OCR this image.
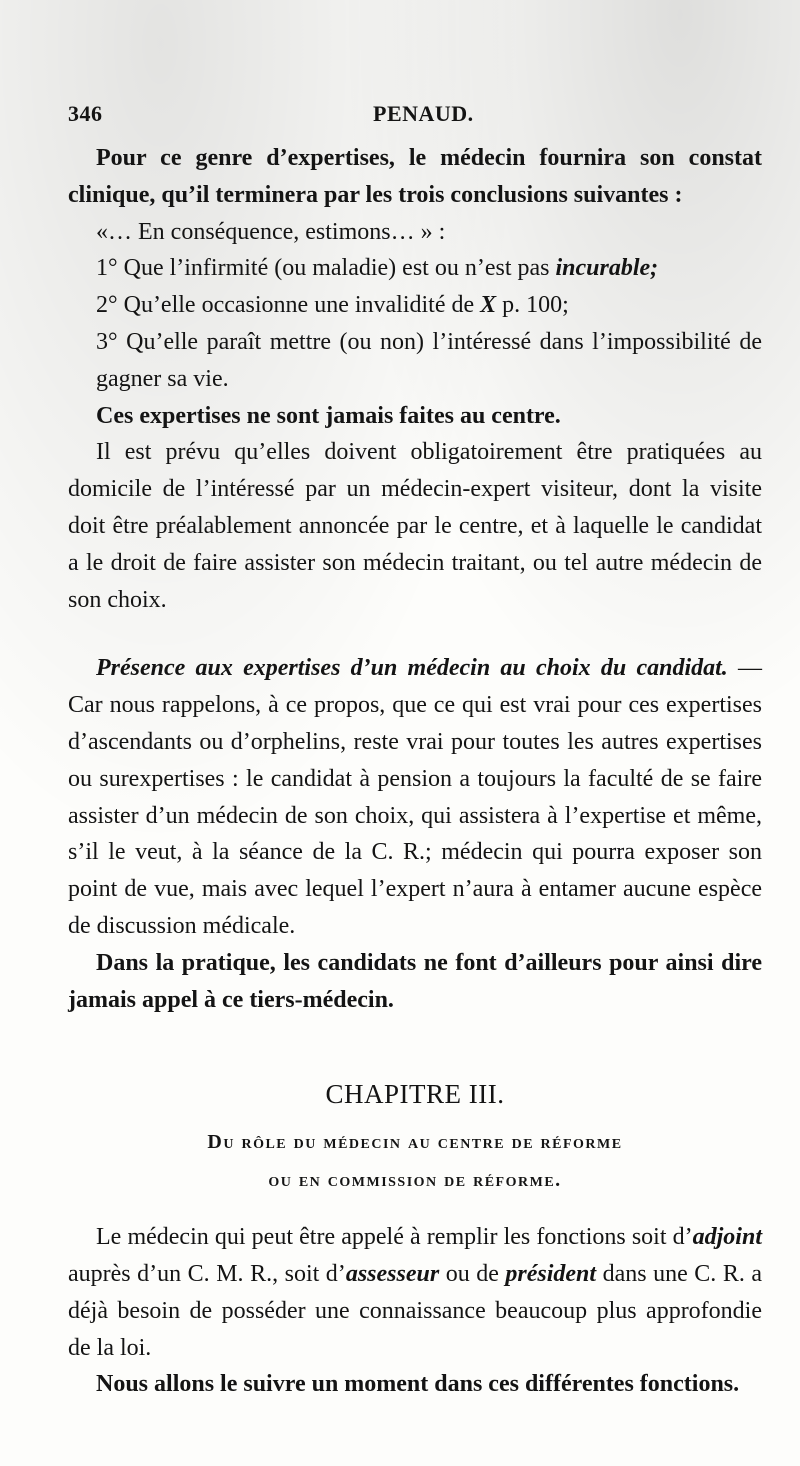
346	PENAUD.

Pour ce genre d’expertises, le médecin fournira son constat clinique, qu’il terminera par les trois conclusions suivantes :

«… En conséquence, estimons… » :

1° Que l’infirmité (ou maladie) est ou n’est pas incurable;

2° Qu’elle occasionne une invalidité de X p. 100;

3° Qu’elle paraît mettre (ou non) l’intéressé dans l’impossibilité de gagner sa vie.

Ces expertises ne sont jamais faites au centre.

Il est prévu qu’elles doivent obligatoirement être pratiquées au domicile de l’intéressé par un médecin-expert visiteur, dont la visite doit être préalablement annoncée par le centre, et à laquelle le candidat a le droit de faire assister son médecin traitant, ou tel autre médecin de son choix.

Présence aux expertises d’un médecin au choix du candidat. — Car nous rappelons, à ce propos, que ce qui est vrai pour ces expertises d’ascendants ou d’orphelins, reste vrai pour toutes les autres expertises ou surexpertises : le candidat à pension a toujours la faculté de se faire assister d’un médecin de son choix, qui assistera à l’expertise et même, s’il le veut, à la séance de la C. R.; médecin qui pourra exposer son point de vue, mais avec lequel l’expert n’aura à entamer aucune espèce de discussion médicale.

Dans la pratique, les candidats ne font d’ailleurs pour ainsi dire jamais appel à ce tiers-médecin.

CHAPITRE III.

Du rôle du médecin au centre de réforme
ou en commission de réforme.

Le médecin qui peut être appelé à remplir les fonctions soit d’adjoint auprès d’un C. M. R., soit d’assesseur ou de président dans une C. R. a déjà besoin de posséder une connaissance beaucoup plus approfondie de la loi.

Nous allons le suivre un moment dans ces différentes fonctions.
